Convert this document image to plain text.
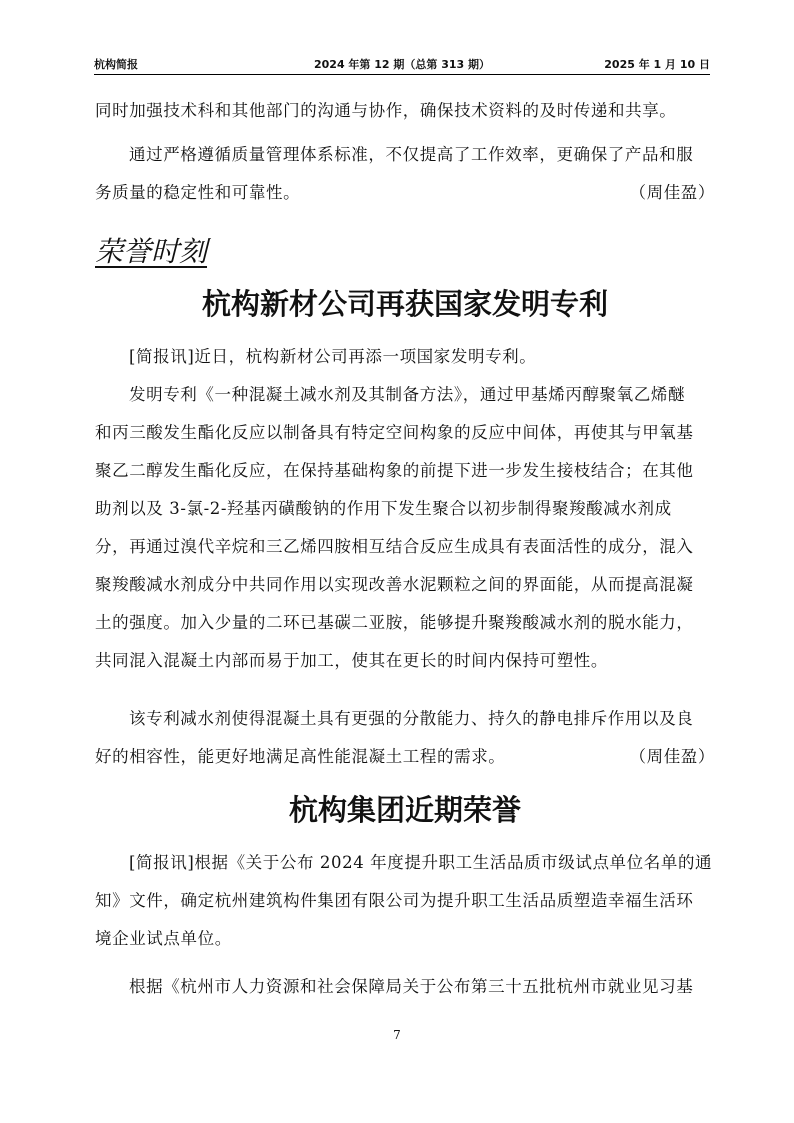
杭构简报	2024 年第 12 期（总第 313 期）	2025 年 1 月 10 日
同时加强技术科和其他部门的沟通与协作，确保技术资料的及时传递和共享。
通过严格遵循质量管理体系标准，不仅提高了工作效率，更确保了产品和服
务质量的稳定性和可靠性。	（周佳盈）
荣誉时刻
杭构新材公司再获国家发明专利
[简报讯]近日，杭构新材公司再添一项国家发明专利。
发明专利《一种混凝土减水剂及其制备方法》，通过甲基烯丙醇聚氧乙烯醚
和丙三酸发生酯化反应以制备具有特定空间构象的反应中间体，再使其与甲氧基
聚乙二醇发生酯化反应，在保持基础构象的前提下进一步发生接枝结合；在其他
助剂以及 3-氯-2-羟基丙磺酸钠的作用下发生聚合以初步制得聚羧酸减水剂成
分，再通过溴代辛烷和三乙烯四胺相互结合反应生成具有表面活性的成分，混入
聚羧酸减水剂成分中共同作用以实现改善水泥颗粒之间的界面能，从而提高混凝
土的强度。加入少量的二环已基碳二亚胺，能够提升聚羧酸减水剂的脱水能力，
共同混入混凝土内部而易于加工，使其在更长的时间内保持可塑性。
该专利减水剂使得混凝土具有更强的分散能力、持久的静电排斥作用以及良
好的相容性，能更好地满足高性能混凝土工程的需求。	（周佳盈）
杭构集团近期荣誉
[简报讯]根据《关于公布 2024 年度提升职工生活品质市级试点单位名单的通
知》文件，确定杭州建筑构件集团有限公司为提升职工生活品质塑造幸福生活环
境企业试点单位。
根据《杭州市人力资源和社会保障局关于公布第三十五批杭州市就业见习基
7
